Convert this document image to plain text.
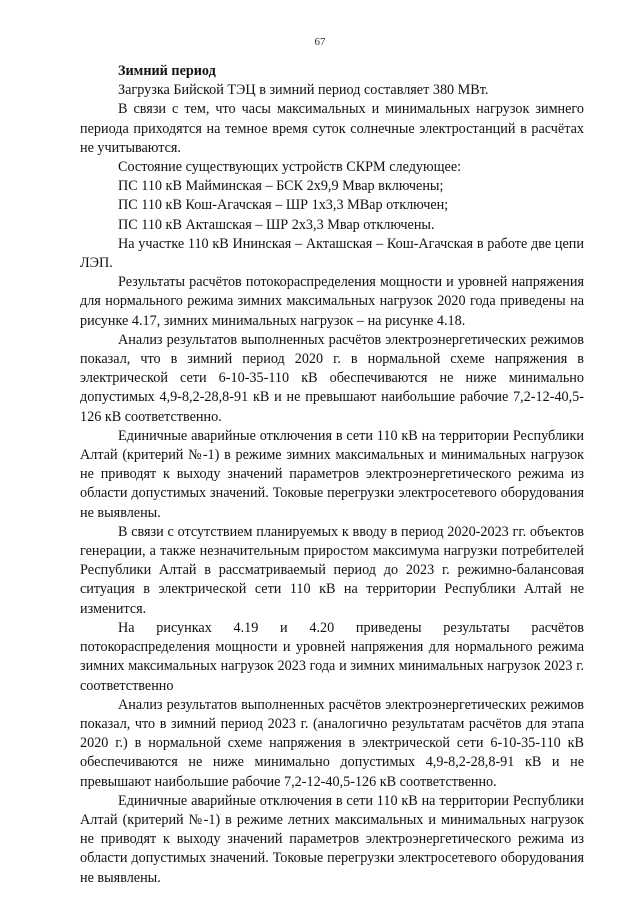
67

Зимний период

Загрузка Бийской ТЭЦ в зимний период составляет 380 МВт.

В связи с тем, что часы максимальных и минимальных нагрузок зимнего периода приходятся на темное время суток солнечные электростанций в расчётах не учитываются.

Состояние существующих устройств СКРМ следующее:

ПС 110 кВ Майминская – БСК 2х9,9 Мвар включены;

ПС 110 кВ Кош-Агачская – ШР 1х3,3 МВар отключен;

ПС 110 кВ Акташская – ШР 2х3,3 Мвар отключены.

На участке 110 кВ Ининская – Акташская – Кош-Агачская в работе две цепи ЛЭП.

Результаты расчётов потокораспределения мощности и уровней напряжения для нормального режима зимних максимальных нагрузок 2020 года приведены на рисунке 4.17, зимних минимальных нагрузок – на рисунке 4.18.

Анализ результатов выполненных расчётов электроэнергетических режимов показал, что в зимний период 2020 г. в нормальной схеме напряжения в электрической сети 6-10-35-110 кВ обеспечиваются не ниже минимально допустимых 4,9-8,2-28,8-91 кВ и не превышают наибольшие рабочие 7,2-12-40,5-126 кВ соответственно.

Единичные аварийные отключения в сети 110 кВ на территории Республики Алтай (критерий №-1) в режиме зимних максимальных и минимальных нагрузок не приводят к выходу значений параметров электроэнергетического режима из области допустимых значений. Токовые перегрузки электросетевого оборудования не выявлены.

В связи с отсутствием планируемых к вводу в период 2020-2023 гг. объектов генерации, а также незначительным приростом максимума нагрузки потребителей Республики Алтай в рассматриваемый период до 2023 г. режимно-балансовая ситуация в электрической сети 110 кВ на территории Республики Алтай не изменится.

На рисунках 4.19 и 4.20 приведены результаты расчётов потокораспределения мощности и уровней напряжения для нормального режима зимних максимальных нагрузок 2023 года и зимних минимальных нагрузок 2023 г. соответственно

Анализ результатов выполненных расчётов электроэнергетических режимов показал, что в зимний период 2023 г. (аналогично результатам расчётов для этапа 2020 г.) в нормальной схеме напряжения в электрической сети 6-10-35-110 кВ обеспечиваются не ниже минимально допустимых 4,9-8,2-28,8-91 кВ и не превышают наибольшие рабочие 7,2-12-40,5-126 кВ соответственно.

Единичные аварийные отключения в сети 110 кВ на территории Республики Алтай (критерий №-1) в режиме летних максимальных и минимальных нагрузок не приводят к выходу значений параметров электроэнергетического режима из области допустимых значений. Токовые перегрузки электросетевого оборудования не выявлены.
